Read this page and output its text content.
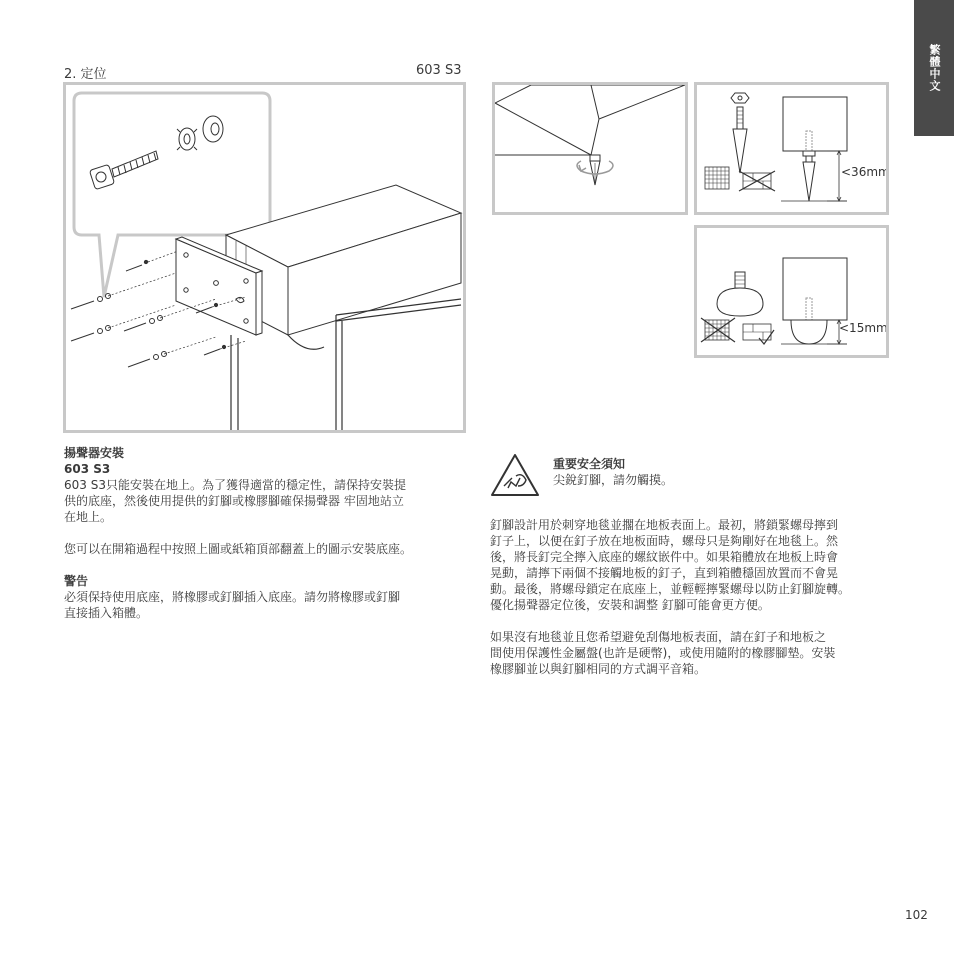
繁體中文
2. 定位	603 S3
<36mm
<15mm

揚聲器安裝

603 S3

603 S3只能安裝在地上。為了獲得適當的穩定性，請保持安裝提

供的底座，然後使用提供的釘腳或橡膠腳確保揚聲器 牢固地站立

在地上。

您可以在開箱過程中按照上圖或紙箱頂部翻蓋上的圖示安裝底座。

警告

必須保持使用底座，將橡膠或釘腳插入底座。請勿將橡膠或釘腳

直接插入箱體。

重要安全須知

尖銳釘腳，請勿觸摸。

釘腳設計用於刺穿地毯並擱在地板表面上。最初，將鎖緊螺母擰到

釘子上，以便在釘子放在地板面時，螺母只是夠剛好在地毯上。然

後，將長釘完全擰入底座的螺紋嵌件中。如果箱體放在地板上時會

晃動，請擰下兩個不接觸地板的釘子，直到箱體穩固放置而不會晃

動。最後，將螺母鎖定在底座上，並輕輕擰緊螺母以防止釘腳旋轉。

優化揚聲器定位後，安裝和調整 釘腳可能會更方便。

如果沒有地毯並且您希望避免刮傷地板表面，請在釘子和地板之

間使用保護性金屬盤(也許是硬幣)，或使用隨附的橡膠腳墊。安裝

橡膠腳並以與釘腳相同的方式調平音箱。

102
